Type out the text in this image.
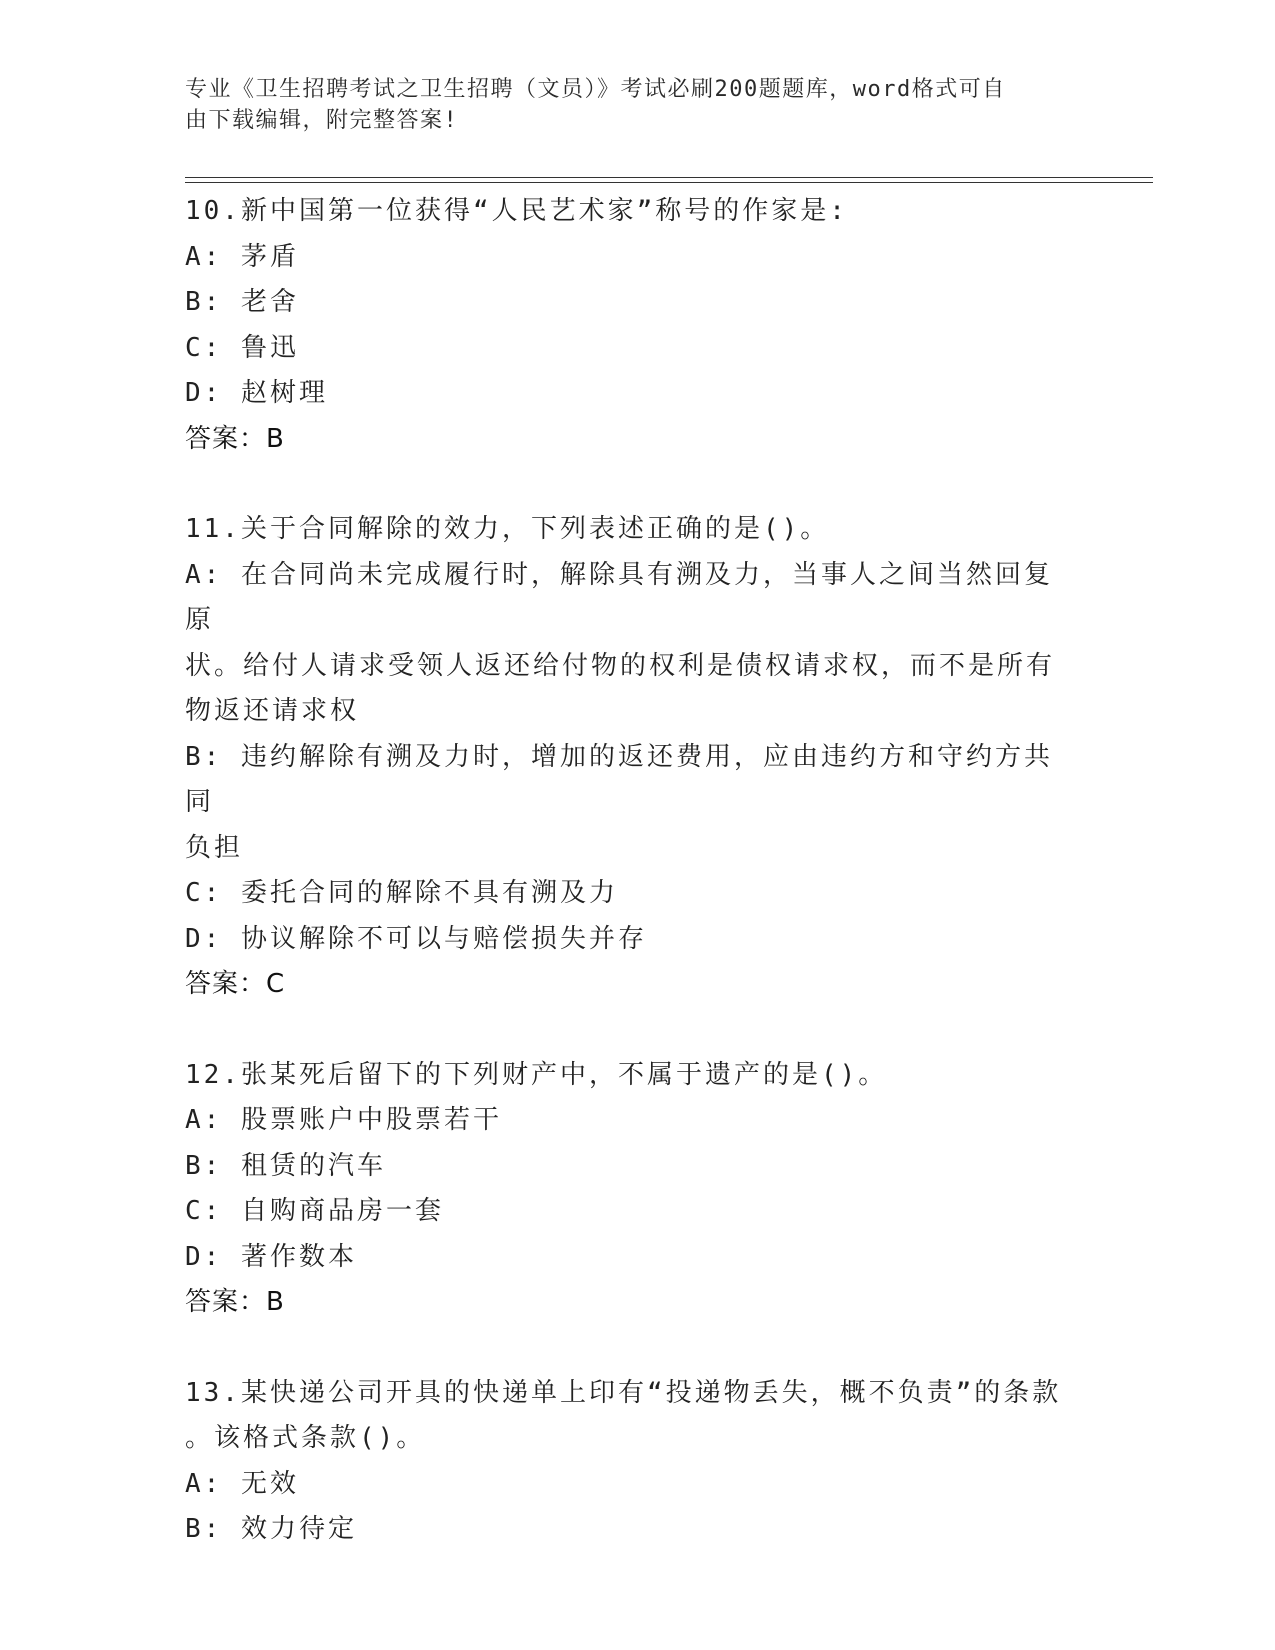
专业《卫生招聘考试之卫生招聘（文员）》考试必刷200题题库，word格式可自
由下载编辑，附完整答案!
10.新中国第一位获得“人民艺术家”称号的作家是:
A: 茅盾
B: 老舍
C: 鲁迅
D: 赵树理
答案：B
11.关于合同解除的效力，下列表述正确的是()。
A: 在合同尚未完成履行时，解除具有溯及力，当事人之间当然回复原
状。给付人请求受领人返还给付物的权利是债权请求权，而不是所有
物返还请求权
B: 违约解除有溯及力时，增加的返还费用，应由违约方和守约方共同
负担
C: 委托合同的解除不具有溯及力
D: 协议解除不可以与赔偿损失并存
答案：C
12.张某死后留下的下列财产中，不属于遗产的是()。
A: 股票账户中股票若干
B: 租赁的汽车
C: 自购商品房一套
D: 著作数本
答案：B
13.某快递公司开具的快递单上印有“投递物丢失，概不负责”的条款
。该格式条款()。
A: 无效
B: 效力待定
